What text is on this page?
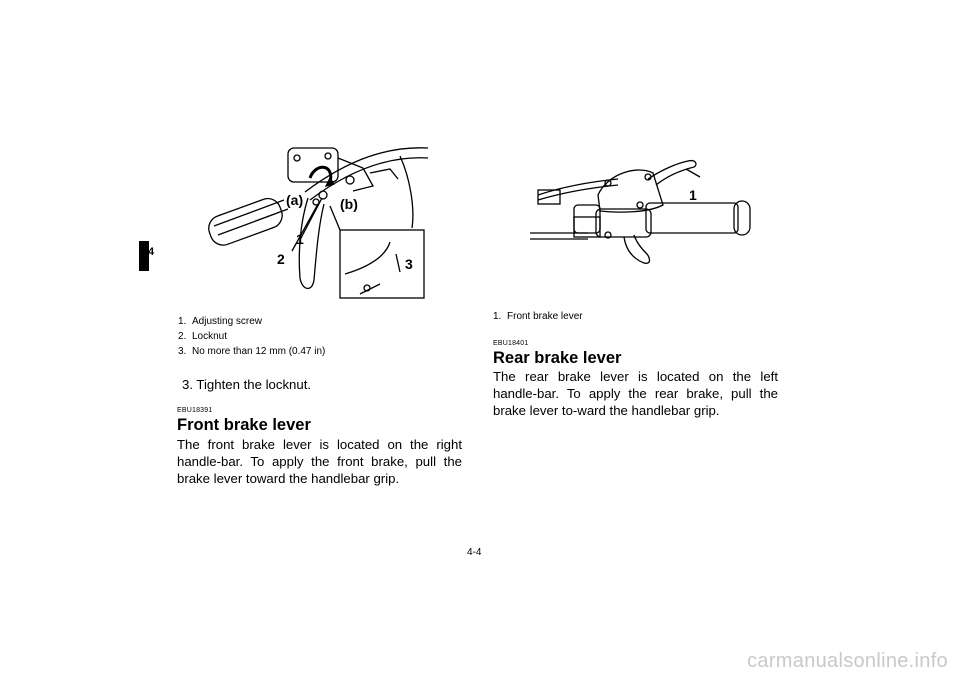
4
(a)	(b)
1
2	3
1. Adjusting screw
2. Locknut
3. No more than 12 mm (0.47 in)
3. Tighten the locknut.
EBU18391
Front brake lever
The front brake lever is located on the right handle-bar. To apply the front brake, pull the brake lever toward the handlebar grip.
1
1. Front brake lever
EBU18401
Rear brake lever
The rear brake lever is located on the left handle-bar. To apply the rear brake, pull the brake lever to-ward the handlebar grip.
4-4
carmanualsonline.info
